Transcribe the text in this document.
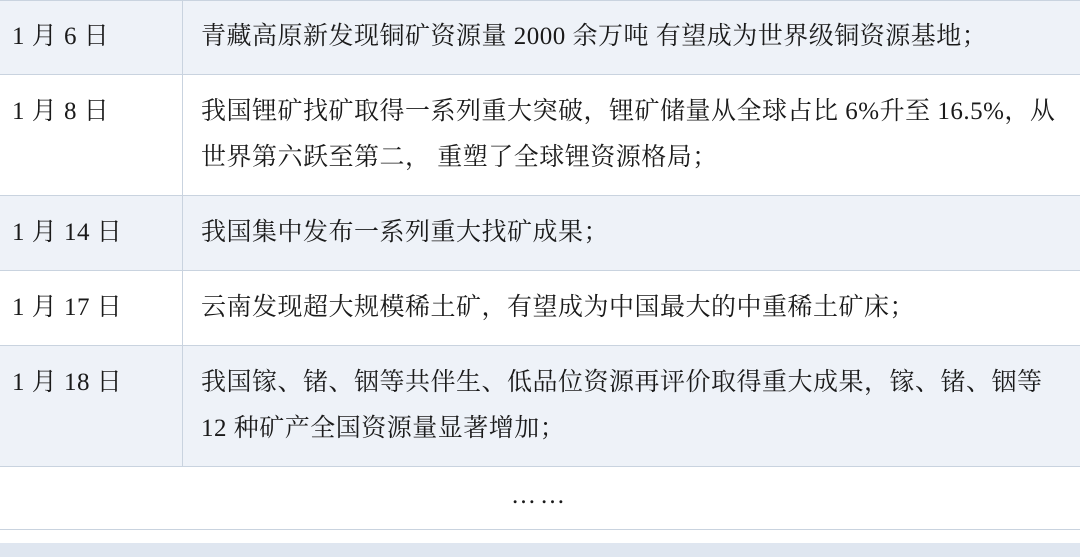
1 月 6 日	青藏高原新发现铜矿资源量 2000 余万吨 有望成为世界级铜资源基地；
1 月 8 日	我国锂矿找矿取得一系列重大突破，锂矿储量从全球占比 6%升至 16.5%，从世界第六跃至第二， 重塑了全球锂资源格局；
1 月 14 日	我国集中发布一系列重大找矿成果；
1 月 17 日	云南发现超大规模稀土矿，有望成为中国最大的中重稀土矿床；
1 月 18 日	我国镓、锗、铟等共伴生、低品位资源再评价取得重大成果，镓、锗、铟等 12 种矿产全国资源量显著增加；
……	
